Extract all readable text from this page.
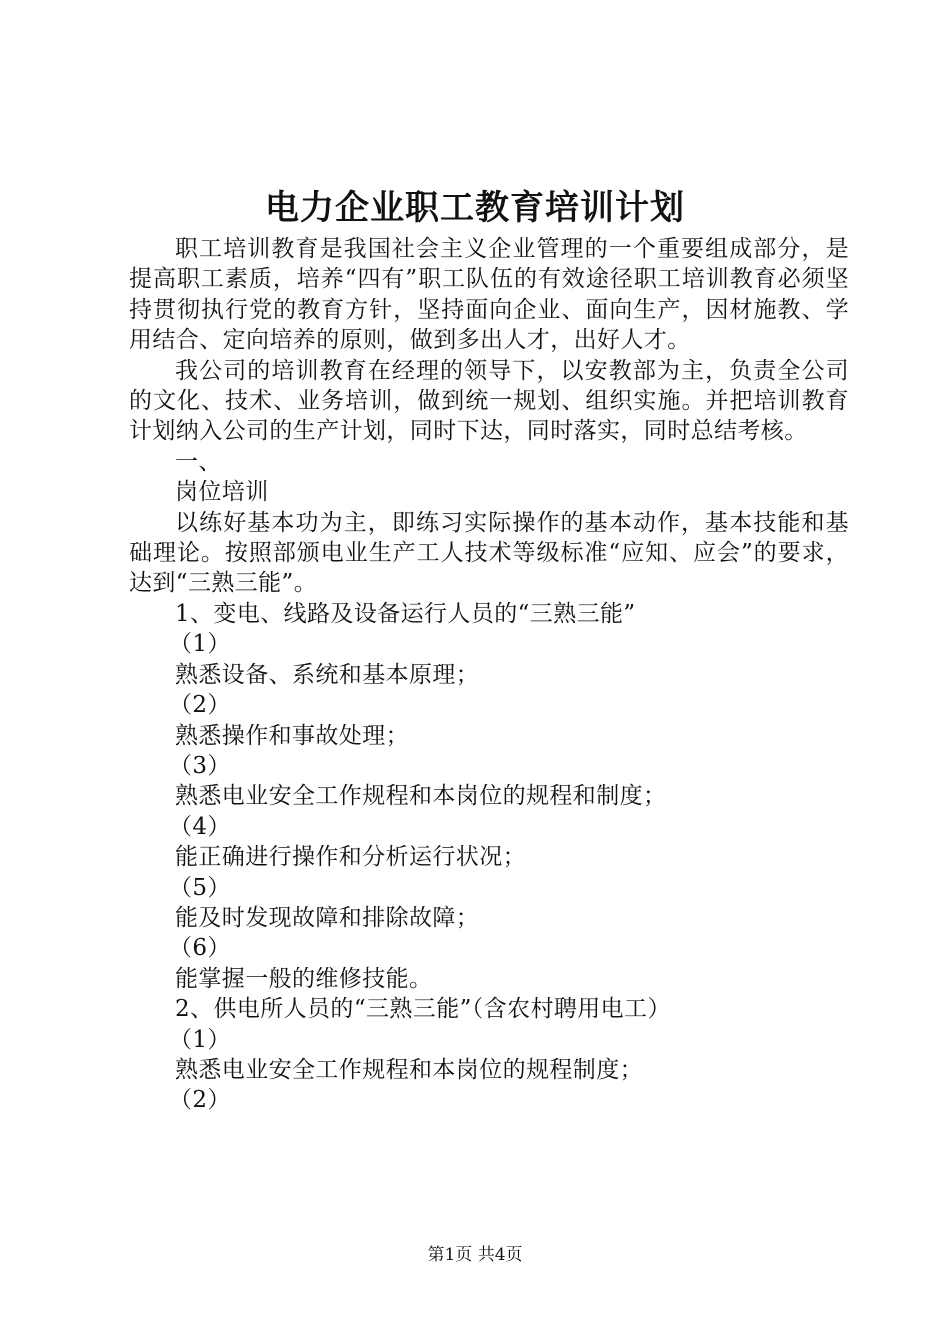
电力企业职工教育培训计划

职工培训教育是我国社会主义企业管理的一个重要组成部分，是提高职工素质，培养“四有”职工队伍的有效途径职工培训教育必须坚持贯彻执行党的教育方针，坚持面向企业、面向生产，因材施教、学用结合、定向培养的原则，做到多出人才，出好人才。

我公司的培训教育在经理的领导下，以安教部为主，负责全公司的文化、技术、业务培训，做到统一规划、组织实施。并把培训教育计划纳入公司的生产计划，同时下达，同时落实，同时总结考核。

一、

岗位培训

以练好基本功为主，即练习实际操作的基本动作，基本技能和基础理论。按照部颁电业生产工人技术等级标准“应知、应会”的要求，达到“三熟三能”。

1、变电、线路及设备运行人员的“三熟三能”

（1）

熟悉设备、系统和基本原理；

（2）

熟悉操作和事故处理；

（3）

熟悉电业安全工作规程和本岗位的规程和制度；

（4）

能正确进行操作和分析运行状况；

（5）

能及时发现故障和排除故障；

（6）

能掌握一般的维修技能。

2、供电所人员的“三熟三能”（含农村聘用电工）

（1）

熟悉电业安全工作规程和本岗位的规程制度；

（2）

第1页 共4页
